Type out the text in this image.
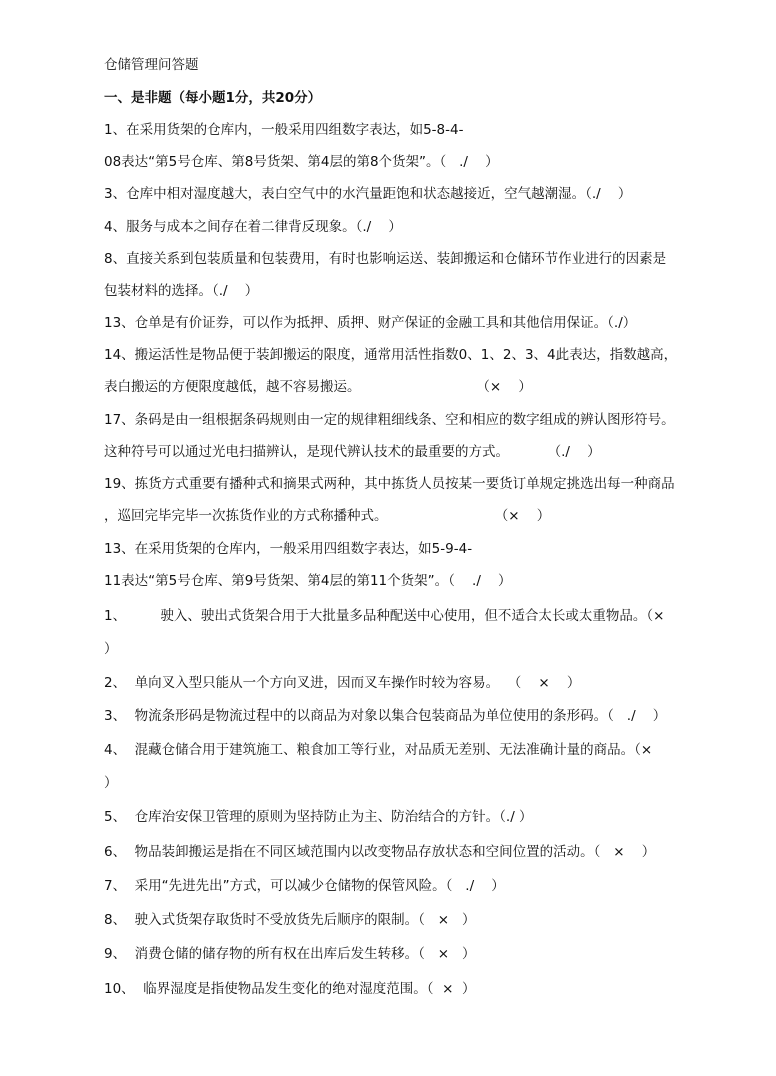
仓储管理问答题
一、是非题（每小题1分，共20分）
1、在采用货架的仓库内，一般采用四组数字表达，如5-8-4-
08表达“第5号仓库、第8号货架、第4层的第8个货架”。（   ./    ）
3、仓库中相对湿度越大，表白空气中的水汽量距饱和状态越接近，空气越潮湿。（./    ）
4、服务与成本之间存在着二律背反现象。（./    ）
8、直接关系到包装质量和包装费用，有时也影响运送、装卸搬运和仓储环节作业进行的因素是
包装材料的选择。（./    ）
13、仓单是有价证券，可以作为抵押、质押、财产保证的金融工具和其他信用保证。（./）
14、搬运活性是物品便于装卸搬运的限度，通常用活性指数0、1、2、3、4此表达，指数越高，
表白搬运的方便限度越低，越不容易搬运。                           （×    ）
17、条码是由一组根据条码规则由一定的规律粗细线条、空和相应的数字组成的辨认图形符号。
这种符号可以通过光电扫描辨认，是现代辨认技术的最重要的方式。         （./    ）
19、拣货方式重要有播种式和摘果式两种，其中拣货人员按某一要货订单规定挑选出每一种商品
，巡回完毕完毕一次拣货作业的方式称播种式。                         （×    ）
13、在采用货架的仓库内，一般采用四组数字表达，如5-9-4-
11表达“第5号仓库、第9号货架、第4层的第11个货架”。（    ./    ）
1、        驶入、驶出式货架合用于大批量多品种配送中心使用，但不适合太长或太重物品。（×
）
2、  单向叉入型只能从一个方向叉进，因而叉车操作时较为容易。  （    ×    ）
3、  物流条形码是物流过程中的以商品为对象以集合包装商品为单位使用的条形码。（   ./    ）
4、  混藏仓储合用于建筑施工、粮食加工等行业，对品质无差别、无法准确计量的商品。（×
）
5、  仓库治安保卫管理的原则为坚持防止为主、防治结合的方针。（./ ）
6、  物品装卸搬运是指在不同区域范围内以改变物品存放状态和空间位置的活动。（   ×    ）
7、  采用“先进先出”方式，可以减少仓储物的保管风险。（   ./    ）
8、  驶入式货架存取货时不受放货先后顺序的限制。（   ×   ）
9、  消费仓储的储存物的所有权在出库后发生转移。（   ×   ）
10、  临界湿度是指使物品发生变化的绝对湿度范围。（  ×  ）
